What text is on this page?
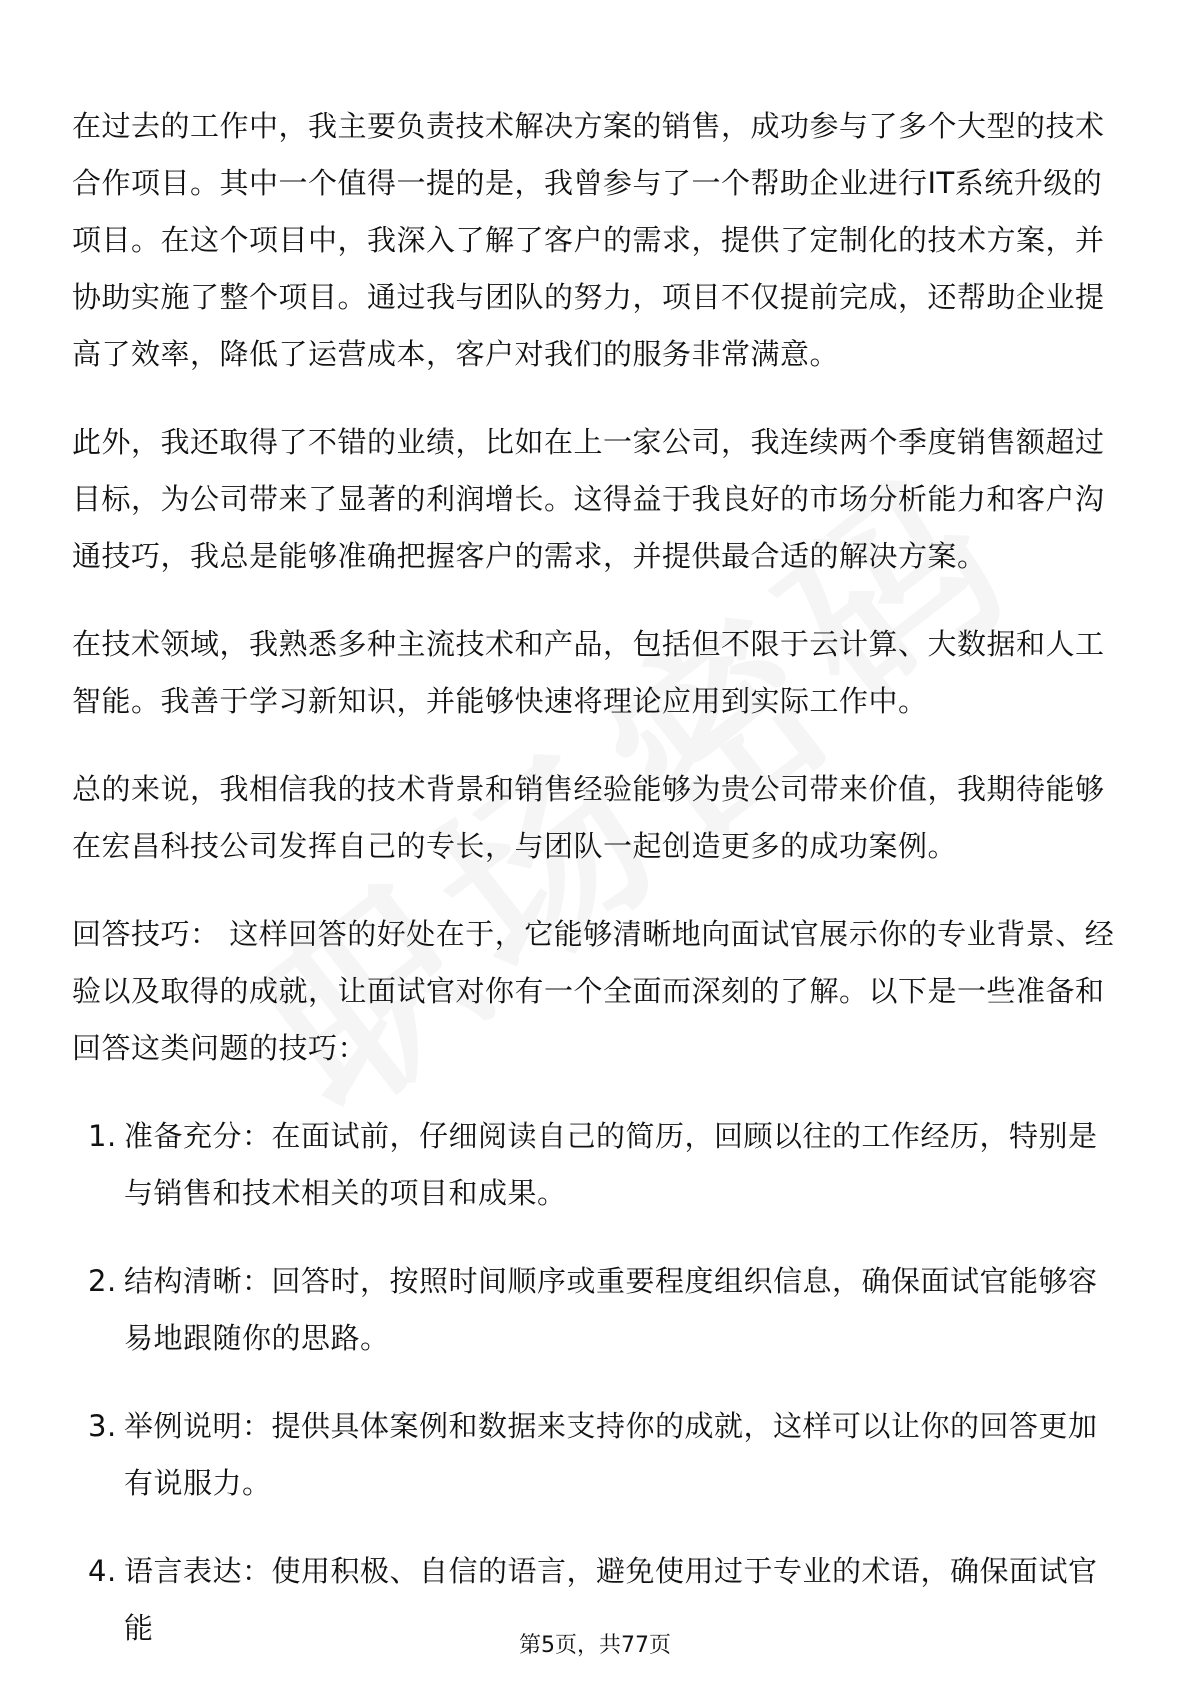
在过去的工作中，我主要负责技术解决方案的销售，成功参与了多个大型的技术合作项目。其中一个值得一提的是，我曾参与了一个帮助企业进行IT系统升级的项目。在这个项目中，我深入了解了客户的需求，提供了定制化的技术方案，并协助实施了整个项目。通过我与团队的努力，项目不仅提前完成，还帮助企业提高了效率，降低了运营成本，客户对我们的服务非常满意。

此外，我还取得了不错的业绩，比如在上一家公司，我连续两个季度销售额超过目标，为公司带来了显著的利润增长。这得益于我良好的市场分析能力和客户沟通技巧，我总是能够准确把握客户的需求，并提供最合适的解决方案。

在技术领域，我熟悉多种主流技术和产品，包括但不限于云计算、大数据和人工智能。我善于学习新知识，并能够快速将理论应用到实际工作中。

总的来说，我相信我的技术背景和销售经验能够为贵公司带来价值，我期待能够在宏昌科技公司发挥自己的专长，与团队一起创造更多的成功案例。

回答技巧： 这样回答的好处在于，它能够清晰地向面试官展示你的专业背景、经验以及取得的成就，让面试官对你有一个全面而深刻的了解。以下是一些准备和回答这类问题的技巧：

1. 准备充分：在面试前，仔细阅读自己的简历，回顾以往的工作经历，特别是与销售和技术相关的项目和成果。
2. 结构清晰：回答时，按照时间顺序或重要程度组织信息，确保面试官能够容易地跟随你的思路。
3. 举例说明：提供具体案例和数据来支持你的成就，这样可以让你的回答更加有说服力。
4. 语言表达：使用积极、自信的语言，避免使用过于专业的术语，确保面试官能
第5页，共77页
